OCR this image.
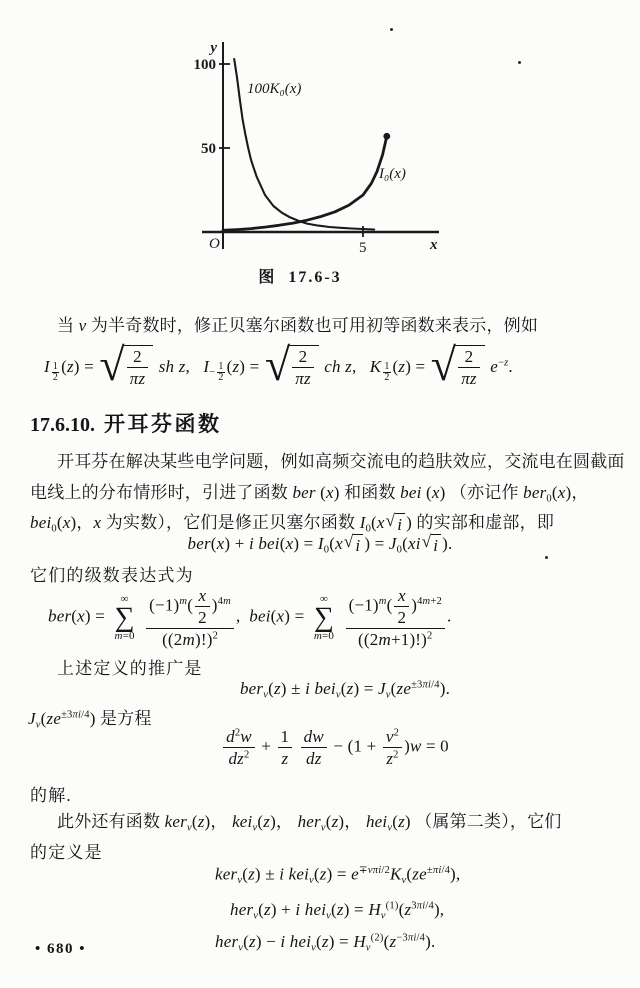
100
50
5
y
x
O
100K₀(x)
I₀(x)
图  17.6-3
当 ν 为半奇数时，修正贝塞尔函数也可用初等函数来表示，例如
I $_{\frac{1}{2}}$ (z) = √ $\frac{2}{\pi z}$ sh z,   $I_{- \frac{1}{2}}$ (z) = √ $\frac{2}{\pi z}$ ch z,   K $_{\frac{1}{2}}$ (z) = √ $\frac{2}{\pi z} e^{-z}$.
17.6.10. 开耳芬函数
开耳芬在解决某些电学问题，例如高频交流电的趋肤效应，交流电在圆截面
电线上的分布情形时，引进了函数 ber (x) 和函数 bei (x) （亦记作 ber$_0$(x)，
bei$_0$(x)，x 为实数），它们是修正贝塞尔函数 $I_0(x$ √ i ) 的实部和虚部，即
ber(x) + i $bei(x) = I_0(x$ √ i ) = $J_0(xi$ √ i ).
它们的级数表达式为
ber(x) =
∞
∑
m=0
$\frac{(-1)^m( \frac{x}{2} )^{4m}}{((2m)!)^2}$ ,  bei(x) =
∞
∑
m=0
$\frac{(-1)^m( \frac{x}{2} )^{4m+2}}{((2m+1)!)^2}$ .
上述定义的推广是
ber$_\nu$(z) ± i $bei_\nu(z) = J_\nu(ze^{\pm 3\pi i/4})$.
$J_\nu(ze^{\pm 3\pi i/4})$ 是方程
$\frac{d^2w}{dz^2} + \frac{1}{z}$
$\frac{dw}{dz} - (1 + \frac{\nu^2}{z^2} )w = 0$
的解.
此外还有函数 ker$_\nu$(z)， kei$_\nu$(z)， her$_\nu$(z)， hei$_\nu$(z) （属第二类），它们
的定义是
ker$_\nu$(z) ± i $kei_\nu(z) = e^{\mp\nu\pi i/2}K_\nu(ze^{\pm\pi i/4})$,
her$_\nu$(z) + i $hei_\nu(z) = H_\nu^{(1)}(z^{3\pi i/4})$,
her$_\nu$(z) − i $hei_\nu(z) = H_\nu^{(2)}(z^{-3\pi i/4})$.
• 680 •
